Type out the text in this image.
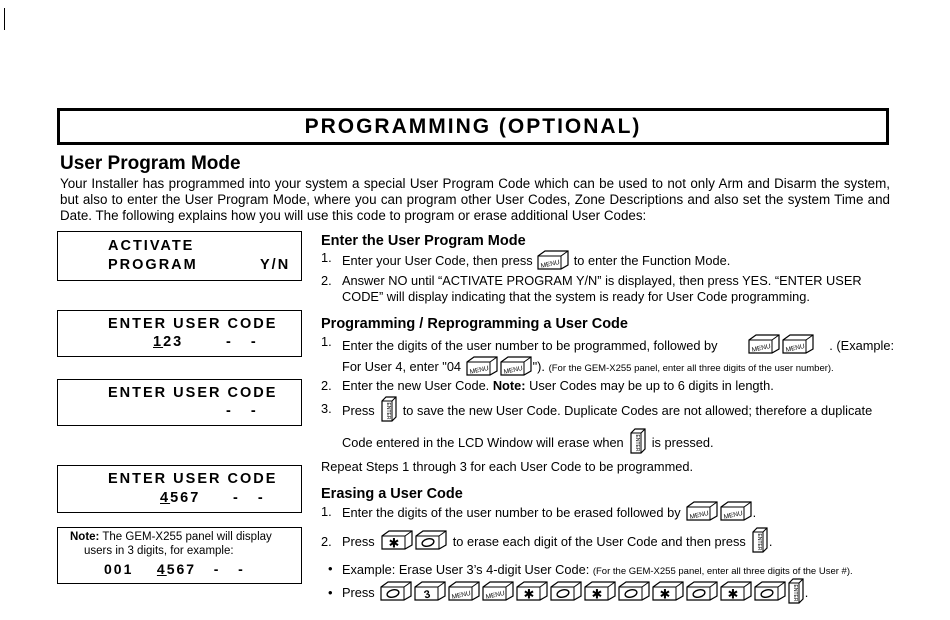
PROGRAMMING (OPTIONAL)
User Program Mode
Your Installer has programmed into your system a special User Program Code which can be used to not only Arm and Disarm the system, but also to enter the User Program Mode, where you can program other User Codes, Zone Descriptions and also set the system Time and Date. The following explains how you will use this code to program or erase additional User Codes:
ACTIVATE
PROGRAM	Y/N
ENTER USER CODE
123	-   -
ENTER USER CODE
-   -
ENTER USER CODE
4567 -   -
Note: The GEM-X255 panel will display
users in 3 digits, for example:
001 4567 -   -
Enter the User Program Mode
1. Enter your User Code, then press MENU to enter the Function Mode.
2. Answer NO until “ACTIVATE PROGRAM Y/N” is displayed, then press YES. “ENTER USER
CODE” will display indicating that the system is ready for User Code programming.
Programming / Reprogramming a User Code
1. Enter the digits of the user number to be programmed, followed by	MENU MENU . (Example:
For User 4, enter "04 MENU MENU "). (For the GEM-X255 panel, enter all three digits of the user number).
2. Enter the new User Code. Note: User Codes may be up to 6 digits in length.
3. Press ENTER to save the new User Code. Duplicate Codes are not allowed; therefore a duplicate
Code entered in the LCD Window will erase when ENTER is pressed.
Repeat Steps 1 through 3 for each User Code to be programmed.
Erasing a User Code
1. Enter the digits of the user number to be erased followed by MENU MENU .
2. Press ✱	to erase each digit of the User Code and then press ENTER .
• Example: Erase User 3’s 4-digit User Code: (For the GEM-X255 panel, enter all three digits of the User #).
• Press	3	MENU MENU ✱	✱	✱	✱	ENTER .
